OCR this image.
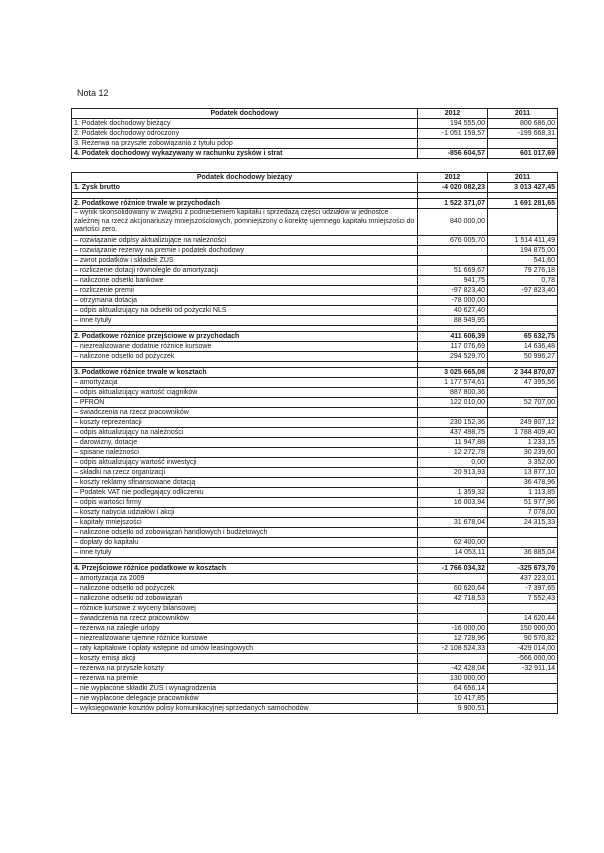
Nota 12
Podatek dochodowy	2012	2011
1. Podatek dochodowy bieżący	194 555,00	800 686,00
2. Podatek dochodowy odroczony	-1 051 159,57	-199 668,31
3. Rezerwa na przyszłe zobowiązania z tytułu pdop		
4. Podatek dochodowy wykazywany w rachunku zysków i strat	-856 604,57	601 017,69
Podatek dochodowy bieżący	2012	2011
1. Zysk brutto	-4 020 082,23	3 013 427,45

2. Podatkowe różnice trwałe w przychodach	1 522 371,07	1 691 281,65
– wynik skonsolidowany w związku z podnieśieniem kapitału i sprzedażą części udziałów w jednostce zależnej na rzecz akcjonariuszy mniejszościowych, pomniejszony o korektę ujemnego kapitału mniejszości do wartości zero.	840 000,00	
– rozwiązanie odpisy aktualizujące na należności	676 005,70	1 514 411,49
– rozwiązanie rezerwy na premie i podatek dochodowy		194 875,00
– zwrot podatków i składek ZUS		541,60
– rozliczenie dotacji równolegle do amortyzacji	51 669,67	79 276,18
– naliczone odsetki bankowe	941,75	0,78
– rozliczenie premii	-97 823,40	-97 823,40
– otrzymana dotacja	-78 000,00	
– odpis aktualizujący na odsetki od pożyczki NLS	40 627,40	
– inne tytuły	88 949,95	

2. Podatkowe różnice przejściowe w przychodach	411 606,39	65 632,75
– niezrealizowane dodatnie różnice kursowe	117 076,69	14 636,48
– naliczone odsetki od pożyczek	294 529,70	50 996,27

3. Podatkowe różnice trwałe w kosztach	3 025 665,08	2 344 870,07
– amortyzacja	1 177 574,61	47 395,56
– odpis aktualizujący wartość ciągników	887 800,36	
– PFRON	122 010,00	52 707,00
– świadczenia na rzecz pracowników		
– koszty reprezentacji	230 152,36	249 807,12
– odpis aktualizujący na należności	437 498,75	1 788 409,40
– darowizny, dotacje	11 947,88	1 233,15
– spisane należności	12 272,78	30 239,60
– odpis aktualizujący wartość inwestycji	0,00	3 352,00
– składki na rzecz organizacji	20 913,93	13 877,10
– koszty reklamy sfinansowane dotacją		36 478,96
– Podatek VAT nie podlegający odliczeniu	1 359,32	1 113,85
– odpis wartości firmy	16 003,94	51 977,96
– koszty nabycia udziałów i akcji		7 078,00
– kapitały mniejszości	31 678,04	24 315,33
– naliczone odsetki od zobowiązań handlowych i budżetowych		
– dopłaty do kapitału	62 400,00	
– inne tytuły	14 053,11	36 885,04

4. Przejściowe różnice podatkowe w kosztach	-1 766 034,32	-325 673,70
– amortyzacja za 2009		437 223,01
– naliczone odsetki od pożyczek	60 620,64	-7 397,65
– naliczone odsetki od zobowiązań	42 718,53	7 552,43
– różnice kursowe z wyceny bilansowej		
– świadczenia na rzecz pracowników		14 620,44
– rezerwa na zaległe urlopy	-16 000,00	150 000,00
– niezrealizowane ujemne różnice kursowe	12 728,96	90 570,82
– raty kapitałowe i opłaty wstępne od umów leasingowych	-2 108 524,33	-429 014,00
– koszty emisji akcji		-566 000,00
– rezerwa na przyszłe koszty	-42 428,04	-32 911,14
– rezerwa na premie	130 000,00	
– nie wypłacone składki ZUS i wynagrodzenia	64 656,14	
– nie wypłacone delegacje pracowników	10 417,85	
– wyksięgowanie kosztów polisy komunikacyjnej sprzedanych samochodów	9 900,51	
